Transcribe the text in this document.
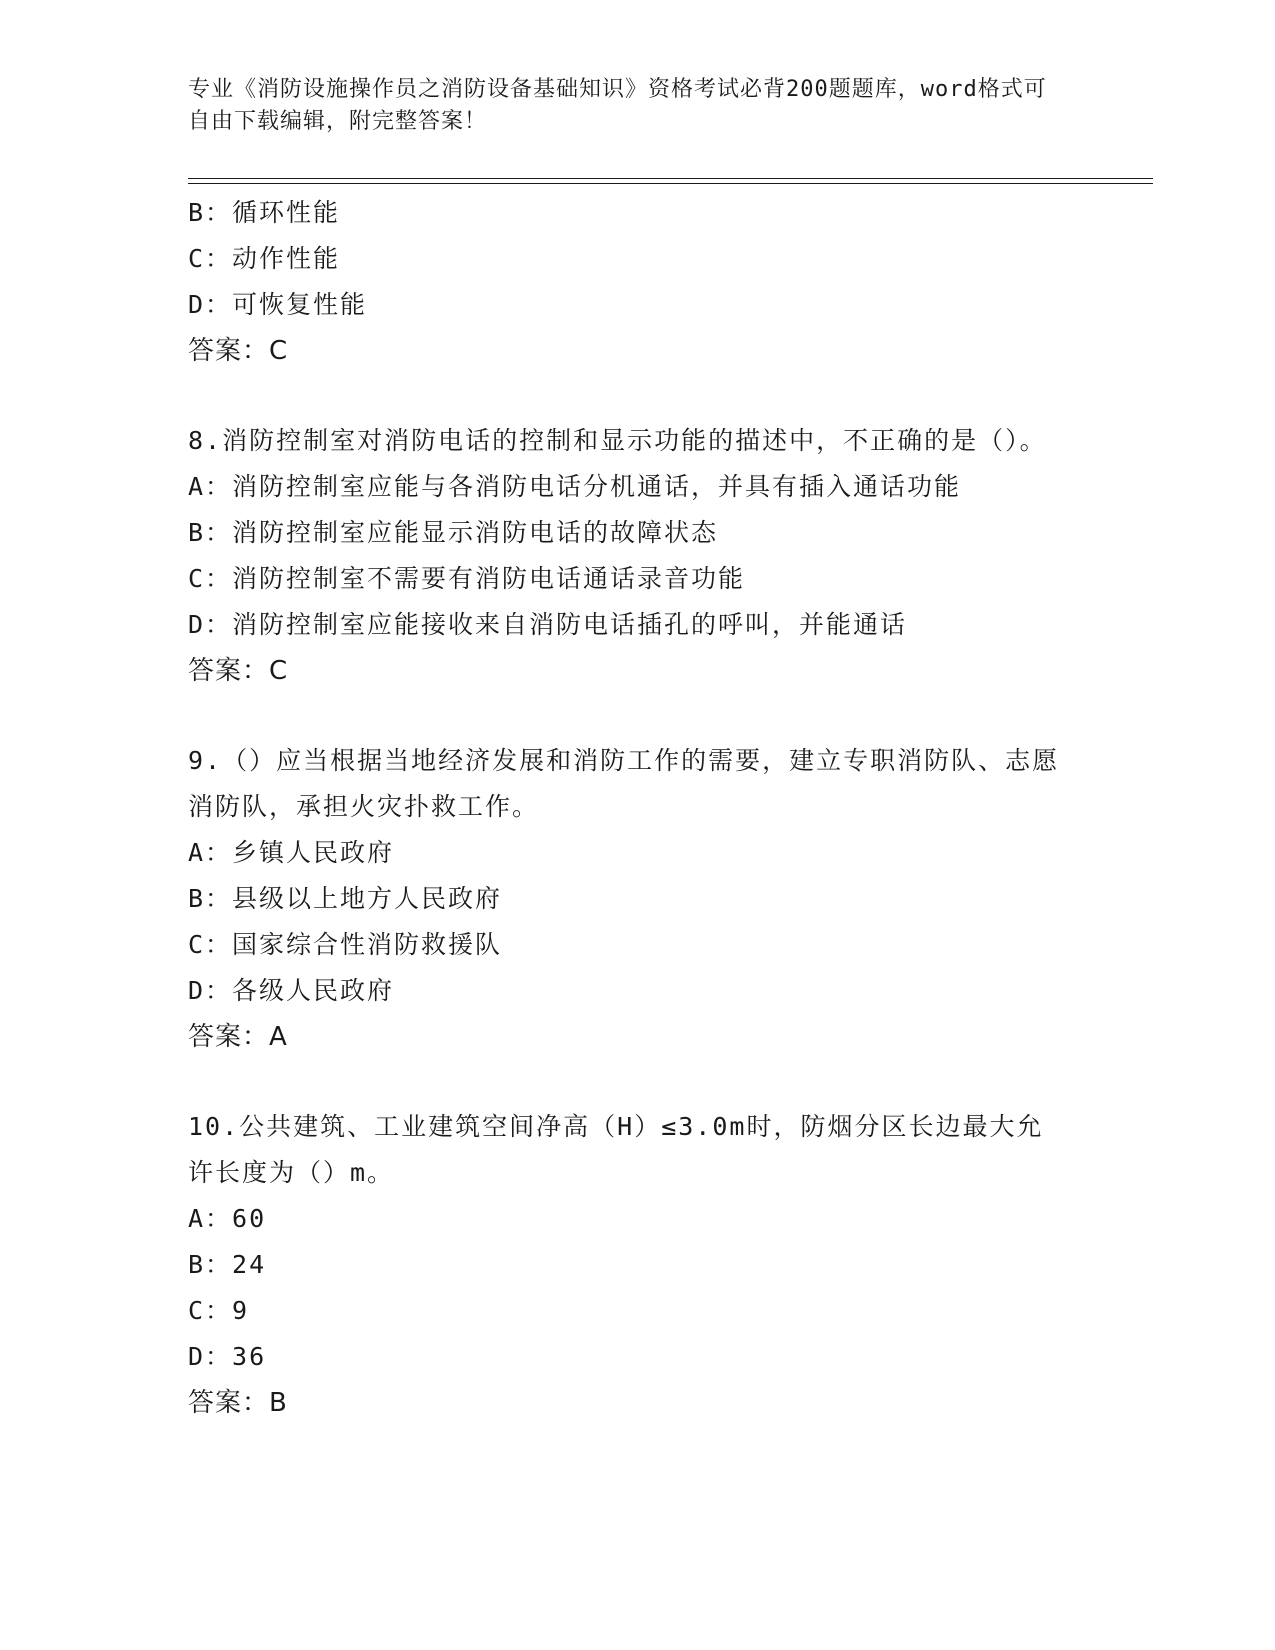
专业《消防设施操作员之消防设备基础知识》资格考试必背200题题库，word格式可自由下载编辑，附完整答案！
B：循环性能
C：动作性能
D：可恢复性能
答案：C
8.消防控制室对消防电话的控制和显示功能的描述中，不正确的是（）。
A：消防控制室应能与各消防电话分机通话，并具有插入通话功能
B：消防控制室应能显示消防电话的故障状态
C：消防控制室不需要有消防电话通话录音功能
D：消防控制室应能接收来自消防电话插孔的呼叫，并能通话
答案：C
9.（）应当根据当地经济发展和消防工作的需要，建立专职消防队、志愿消防队，承担火灾扑救工作。
A：乡镇人民政府
B：县级以上地方人民政府
C：国家综合性消防救援队
D：各级人民政府
答案：A
10.公共建筑、工业建筑空间净高（H）≤3.0m时，防烟分区长边最大允许长度为（）m。
A：60
B：24
C：9
D：36
答案：B
